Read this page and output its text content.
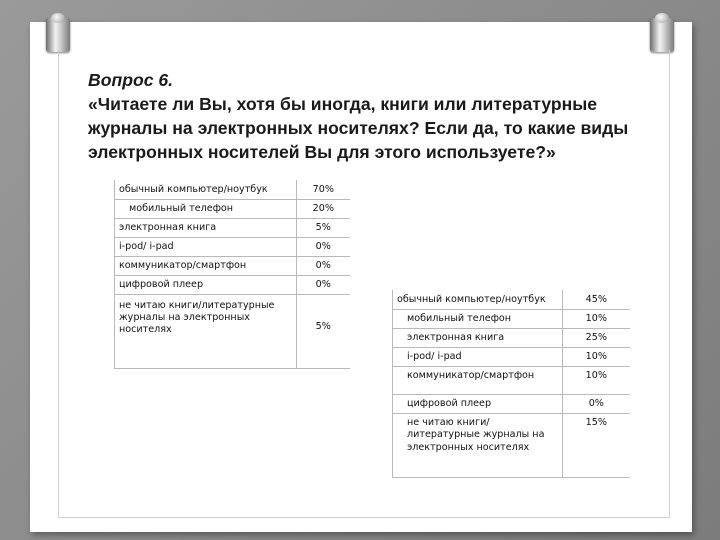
Вопрос 6.
«Читаете ли Вы, хотя бы иногда, книги или литературные журналы на электронных носителях? Если да, то какие виды электронных носителей Вы для этого используете?»
обычный компьютер/ноутбук	70%
мобильный телефон	20%
электронная книга	5%
i-pod/ i-pad	0%
коммуникатор/смартфон	0%
цифровой плеер	0%
не читаю книги/литературные журналы на электронных носителях	5%
обычный компьютер/ноутбук	45%
мобильный телефон	10%
электронная книга	25%
i-pod/ i-pad	10%
коммуникатор/смартфон	10%
цифровой плеер	0%
не читаю книги/литературные журналы на электронных носителях	15%
